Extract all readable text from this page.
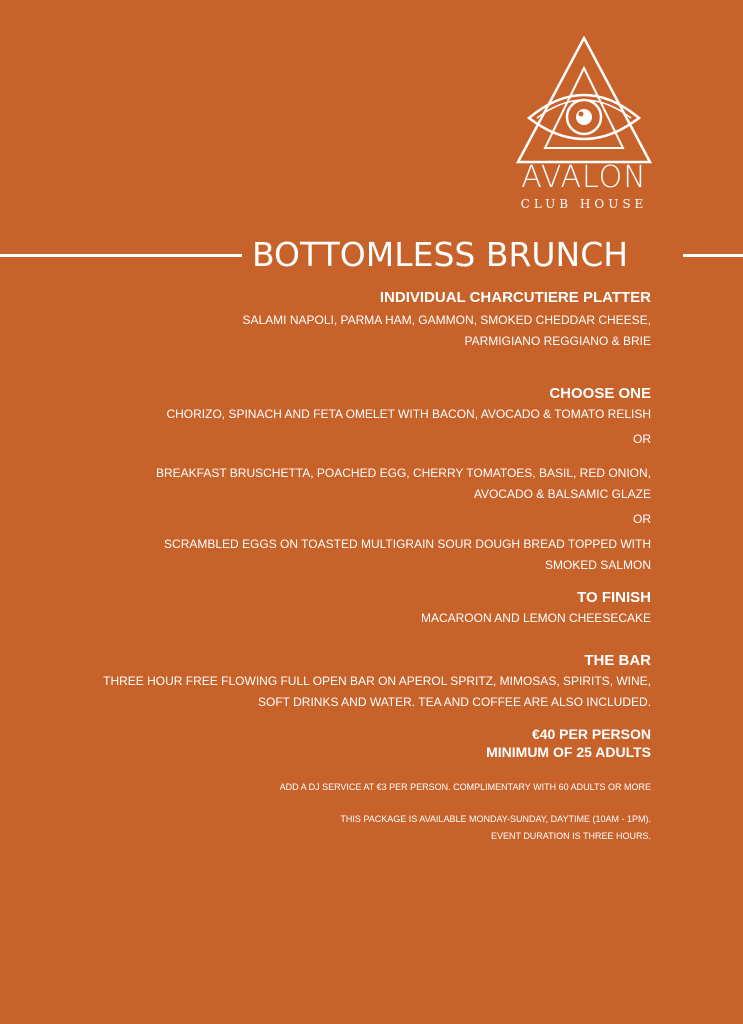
AVALON
CLUB HOUSE
BOTTOMLESS BRUNCH
INDIVIDUAL CHARCUTIERE PLATTER
SALAMI NAPOLI, PARMA HAM, GAMMON, SMOKED CHEDDAR CHEESE,
PARMIGIANO REGGIANO & BRIE
CHOOSE ONE
CHORIZO, SPINACH AND FETA OMELET WITH BACON, AVOCADO & TOMATO RELISH
OR
BREAKFAST BRUSCHETTA, POACHED EGG, CHERRY TOMATOES, BASIL, RED ONION,
AVOCADO & BALSAMIC GLAZE
OR
SCRAMBLED EGGS ON TOASTED MULTIGRAIN SOUR DOUGH BREAD TOPPED WITH
SMOKED SALMON
TO FINISH
MACAROON AND LEMON CHEESECAKE
THE BAR
THREE HOUR FREE FLOWING FULL OPEN BAR ON APEROL SPRITZ, MIMOSAS, SPIRITS, WINE,
SOFT DRINKS AND WATER. TEA AND COFFEE ARE ALSO INCLUDED.
€40 PER PERSON
MINIMUM OF 25 ADULTS
ADD A DJ SERVICE AT €3 PER PERSON. COMPLIMENTARY WITH 60 ADULTS OR MORE
THIS PACKAGE IS AVAILABLE MONDAY-SUNDAY, DAYTIME (10AM - 1PM).
EVENT DURATION IS THREE HOURS.
